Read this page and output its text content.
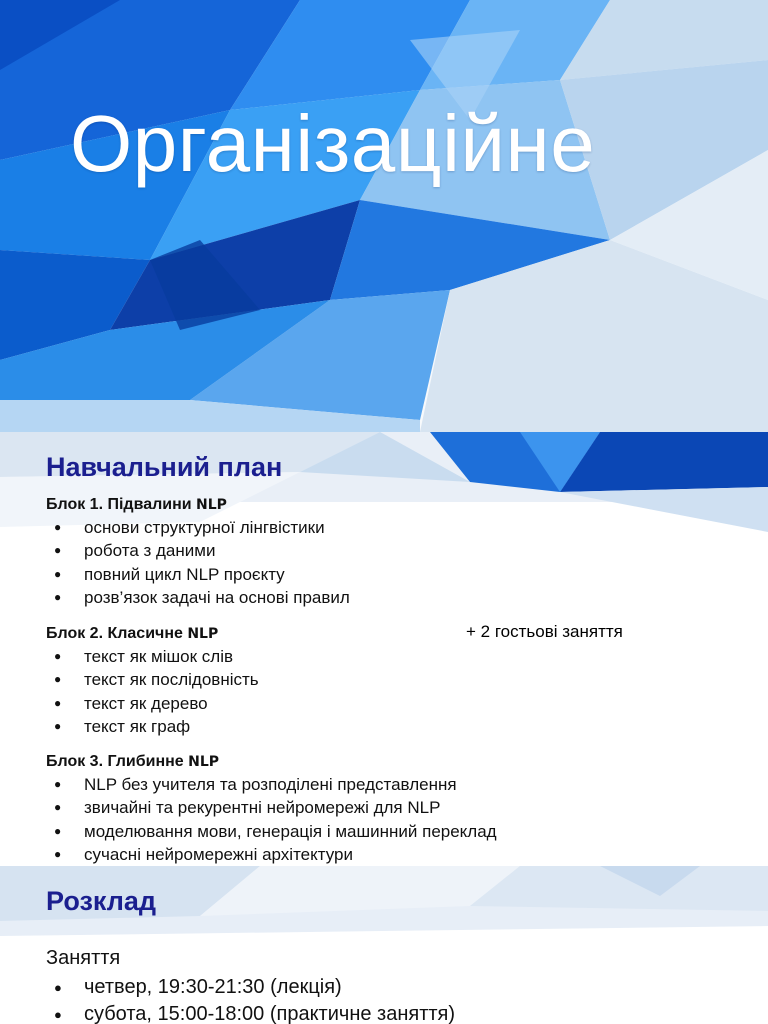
Організаційне
Навчальний план

Блок 1. Підвалини NLP

● основи структурної лінгвістики
● робота з даними
● повний цикл NLP проєкту
● розв’язок задачі на основі правил

Блок 2. Класичне NLP

● текст як мішок слів
● текст як послідовність
● текст як дерево
● текст як граф
+ 2 гостьові заняття

Блок 3. Глибинне NLP

● NLP без учителя та розподілені представлення
● звичайні та рекурентні нейромережі для NLP
● моделювання мови, генерація і машинний переклад
● сучасні нейромережні архітектури
Розклад
Заняття
● четвер, 19:30-21:30 (лекція)
● субота, 15:00-18:00 (практичне заняття)
